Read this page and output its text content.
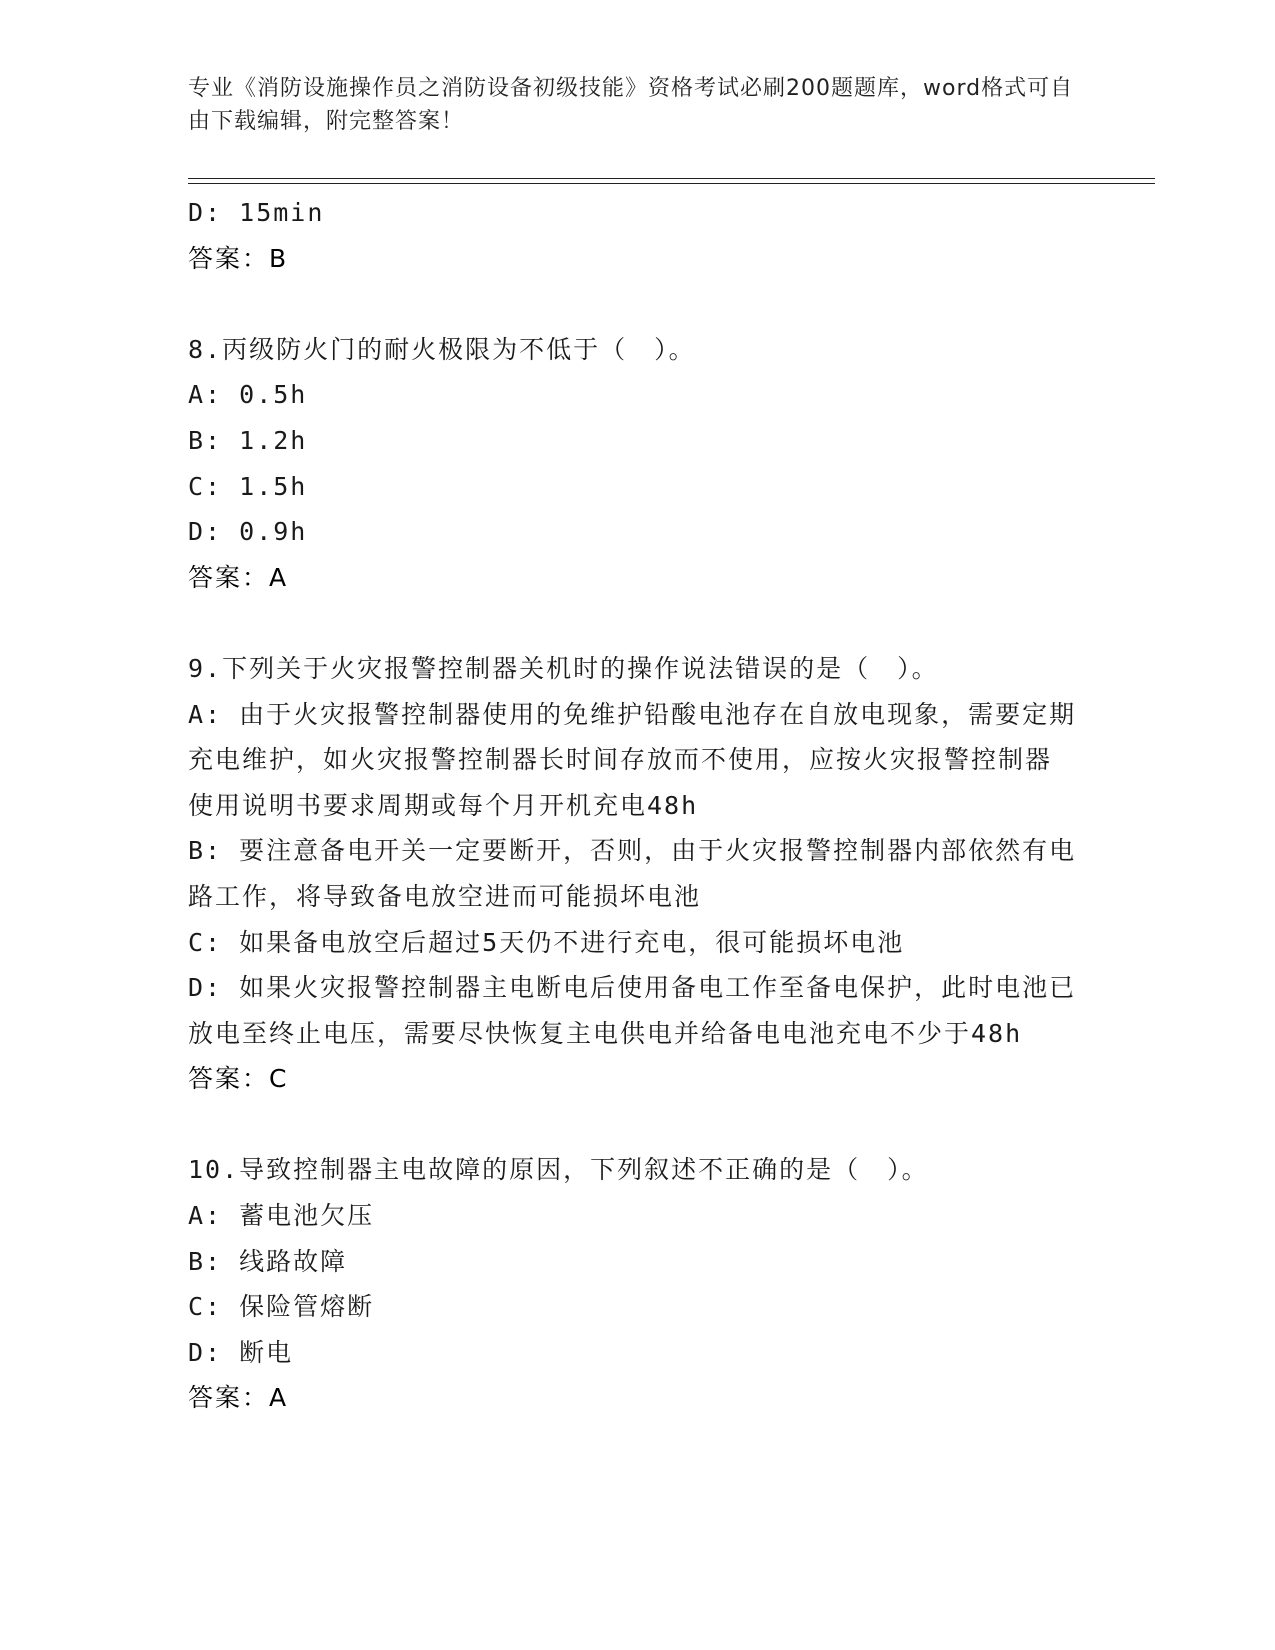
专业《消防设施操作员之消防设备初级技能》资格考试必刷200题题库，word格式可自由下载编辑，附完整答案！
D: 15min
答案：B
8.丙级防火门的耐火极限为不低于（　）。
A: 0.5h
B: 1.2h
C: 1.5h
D: 0.9h
答案：A
9.下列关于火灾报警控制器关机时的操作说法错误的是（　）。
A: 由于火灾报警控制器使用的免维护铅酸电池存在自放电现象，需要定期充电维护，如火灾报警控制器长时间存放而不使用，应按火灾报警控制器使用说明书要求周期或每个月开机充电48h
B: 要注意备电开关一定要断开，否则，由于火灾报警控制器内部依然有电路工作，将导致备电放空进而可能损坏电池
C: 如果备电放空后超过5天仍不进行充电，很可能损坏电池
D: 如果火灾报警控制器主电断电后使用备电工作至备电保护，此时电池已放电至终止电压，需要尽快恢复主电供电并给备电电池充电不少于48h
答案：C
10.导致控制器主电故障的原因，下列叙述不正确的是（　）。
A: 蓄电池欠压
B: 线路故障
C: 保险管熔断
D: 断电
答案：A
